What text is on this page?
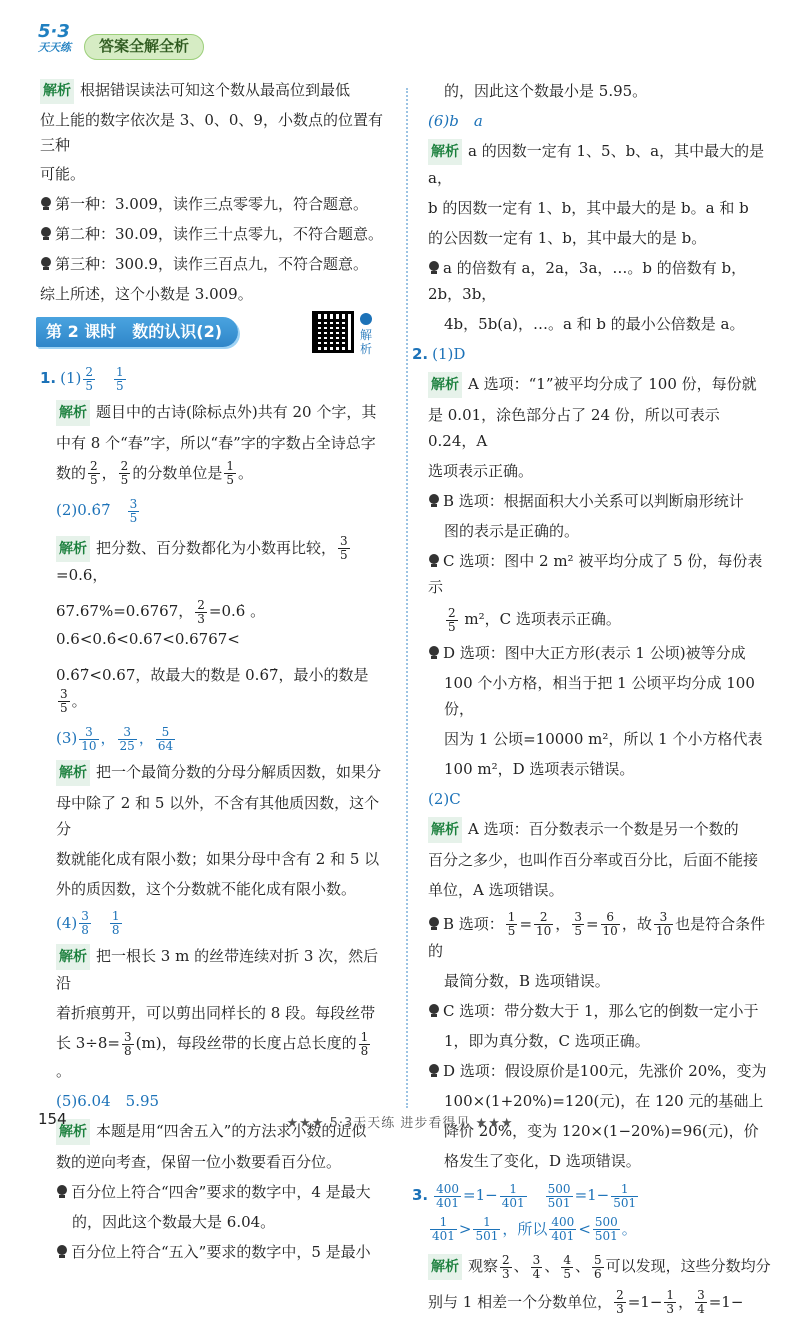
5·3
天天练	答案全解全析
解析 根据错误读法可知这个数从最高位到最低
位上能的数字依次是 3、0、0、9，小数点的位置有三种
可能。
第一种：3.009，读作三点零零九，符合题意。
第二种：30.09，读作三十点零九，不符合题意。
第三种：300.9，读作三百点九，不符合题意。
综上所述，这个小数是 3.009。
第 2 课时　数的认识(2)	解析
1. $(1) \frac{2}{5}$
　 $\frac{1}{5}$
解析 题目中的古诗(除标点外)共有 20 个字，其
中有 8 个“春”字，所以“春”字的字数占全诗总字
数的 $\frac{2}{5}$ ， $\frac{2}{5}$ 的分数单位是 $\frac{1}{5}$ 。
(2)0.6̇7̇　 $\frac{3}{5}$
解析 把分数、百分数都化为小数再比较， $\frac{3}{5}$
=0.6，
67.67%=0.6767， $\frac{2}{3}$ =0.6̇ 。0.6<0.6̇<0.67<0.6767<
0.6̇7̇<0.67，故最大的数是 0.6̇7̇，最小的数是
$\frac{3}{5}$ 。
$(3) \frac{3}{10}$ ， $\frac{3}{25}$ ， $\frac{5}{64}$
解析 把一个最简分数的分母分解质因数，如果分
母中除了 2 和 5 以外，不含有其他质因数，这个分
数就能化成有限小数；如果分母中含有 2 和 5 以
外的质因数，这个分数就不能化成有限小数。
$(4) \frac{3}{8}$
　 $\frac{1}{8}$
解析 把一根长 3 m 的丝带连续对折 3 次，然后沿
着折痕剪开，可以剪出同样长的 8 段。每段丝带
长 $3\div 8= \frac{3}{8} (m)$，每段丝带的长度占总长度的 $\frac{1}{8}$
。
(5)6.04　5.95
解析 本题是用“四舍五入”的方法求小数的近似
数的逆向考查，保留一位小数要看百分位。
百分位上符合“四舍”要求的数字中，4 是最大
的，因此这个数最大是 6.04。
百分位上符合“五入”要求的数字中，5 是最小
的，因此这个数最小是 5.95。
(6)b　a
解析 a 的因数一定有 1、5、b、a，其中最大的是 a，
b 的因数一定有 1、b，其中最大的是 b。a 和 b
的公因数一定有 1、b，其中最大的是 b。
a 的倍数有 a，2a，3a，…。b 的倍数有 b，2b，3b，
4b，5b(a)，…。a 和 b 的最小公倍数是 a。
2. (1)D
解析 A 选项：“1”被平均分成了 100 份，每份就
是 0.01，涂色部分占了 24 份，所以可表示 0.24，A
选项表示正确。
B 选项：根据面积大小关系可以判断扇形统计
图的表示是正确的。
C 选项：图中 2 m² 被平均分成了 5 份，每份表示
$\frac{2}{5} m^2$，C 选项表示正确。
D 选项：图中大正方形(表示 1 公顷)被等分成
100 个小方格，相当于把 1 公顷平均分成 100 份，
因为 1 公顷=10000 m²，所以 1 个小方格代表
100 m²，D 选项表示错误。
(2)C
解析 A 选项：百分数表示一个数是另一个数的
百分之多少，也叫作百分率或百分比，后面不能接
单位，A 选项错误。
B 选项： $\frac{1}{5} = \frac{2}{10}$ ， $\frac{3}{5} = \frac{6}{10}$ ，故 $\frac{3}{10}$ 也是符合条件的
最简分数，B 选项错误。
C 选项：带分数大于 1，那么它的倒数一定小于
1，即为真分数，C 选项正确。
D 选项：假设原价是100元，先涨价 20%，变为
100×(1+20%)=120(元)，在 120 元的基础上
降价 20%，变为 120×(1−20%)=96(元)，价
格发生了变化，D 选项错误。
3. $\frac{400}{401} =1- \frac{1}{401}$
　 $\frac{500}{501} =1- \frac{1}{501}$
$\frac{1}{401} > \frac{1}{501}$ ，所以 $\frac{400}{401} < \frac{500}{501}$ 。
解析 观察 $\frac{2}{3}$ 、 $\frac{3}{4}$ 、 $\frac{4}{5}$ 、 $\frac{5}{6}$ 可以发现，这些分数均分
别与 1 相差一个分数单位， $\frac{2}{3} =1- \frac{1}{3}$ ， $\frac{3}{4} =1-$
154	★★★ 5·3天天练 进步看得见 ★★★
